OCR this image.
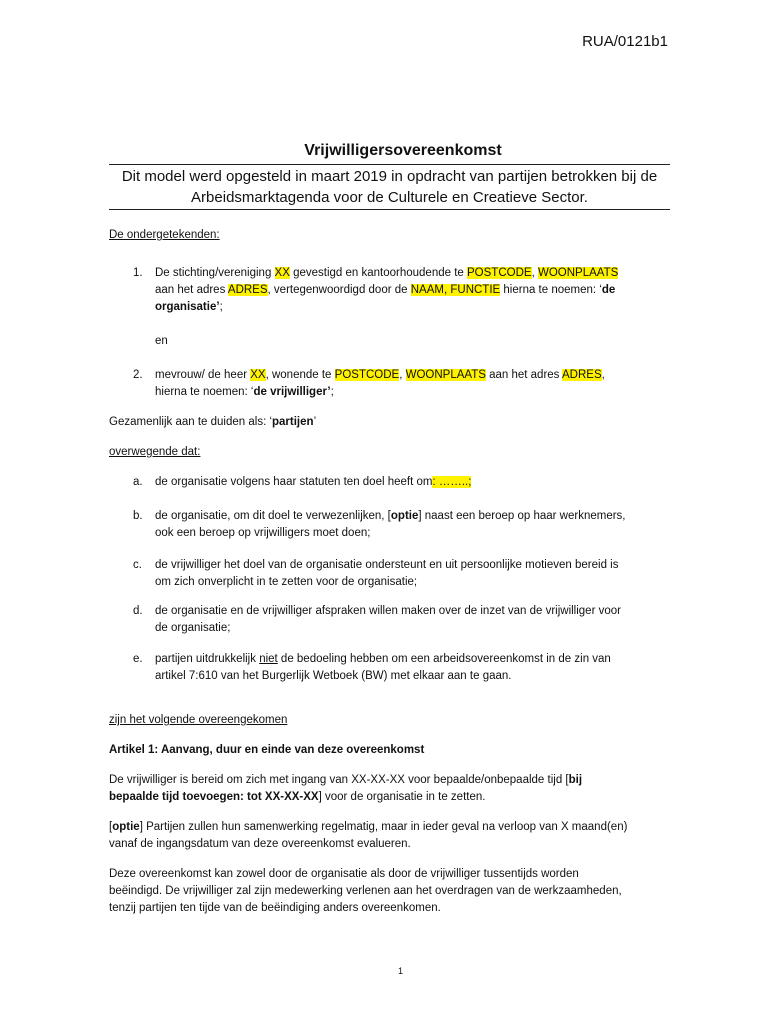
RUA/0121b1
Vrijwilligersovereenkomst
Dit model werd opgesteld in maart 2019 in opdracht van partijen betrokken bij de
Arbeidsmarktagenda voor de Culturele en Creatieve Sector.
De ondergetekenden:
1. De stichting/vereniging XX gevestigd en kantoorhoudende te POSTCODE, WOONPLAATS
aan het adres ADRES, vertegenwoordigd door de NAAM, FUNCTIE hierna te noemen: ‘de
organisatie’;
en
2. mevrouw/ de heer XX, wonende te POSTCODE, WOONPLAATS aan het adres ADRES,
hierna te noemen: ‘de vrijwilliger’;
Gezamenlijk aan te duiden als: ‘partijen’
overwegende dat:
a. de organisatie volgens haar statuten ten doel heeft om: ……..;
b. de organisatie, om dit doel te verwezenlijken, [optie] naast een beroep op haar werknemers,
ook een beroep op vrijwilligers moet doen;
c. de vrijwilliger het doel van de organisatie ondersteunt en uit persoonlijke motieven bereid is
om zich onverplicht in te zetten voor de organisatie;
d. de organisatie en de vrijwilliger afspraken willen maken over de inzet van de vrijwilliger voor
de organisatie;
e. partijen uitdrukkelijk niet de bedoeling hebben om een arbeidsovereenkomst in de zin van
artikel 7:610 van het Burgerlijk Wetboek (BW) met elkaar aan te gaan.
zijn het volgende overeengekomen
Artikel 1: Aanvang, duur en einde van deze overeenkomst
De vrijwilliger is bereid om zich met ingang van XX-XX-XX voor bepaalde/onbepaalde tijd [bij
bepaalde tijd toevoegen: tot XX-XX-XX] voor de organisatie in te zetten.
[optie] Partijen zullen hun samenwerking regelmatig, maar in ieder geval na verloop van X maand(en)
vanaf de ingangsdatum van deze overeenkomst evalueren.
Deze overeenkomst kan zowel door de organisatie als door de vrijwilliger tussentijds worden
beëindigd. De vrijwilliger zal zijn medewerking verlenen aan het overdragen van de werkzaamheden,
tenzij partijen ten tijde van de beëindiging anders overeenkomen.
1
